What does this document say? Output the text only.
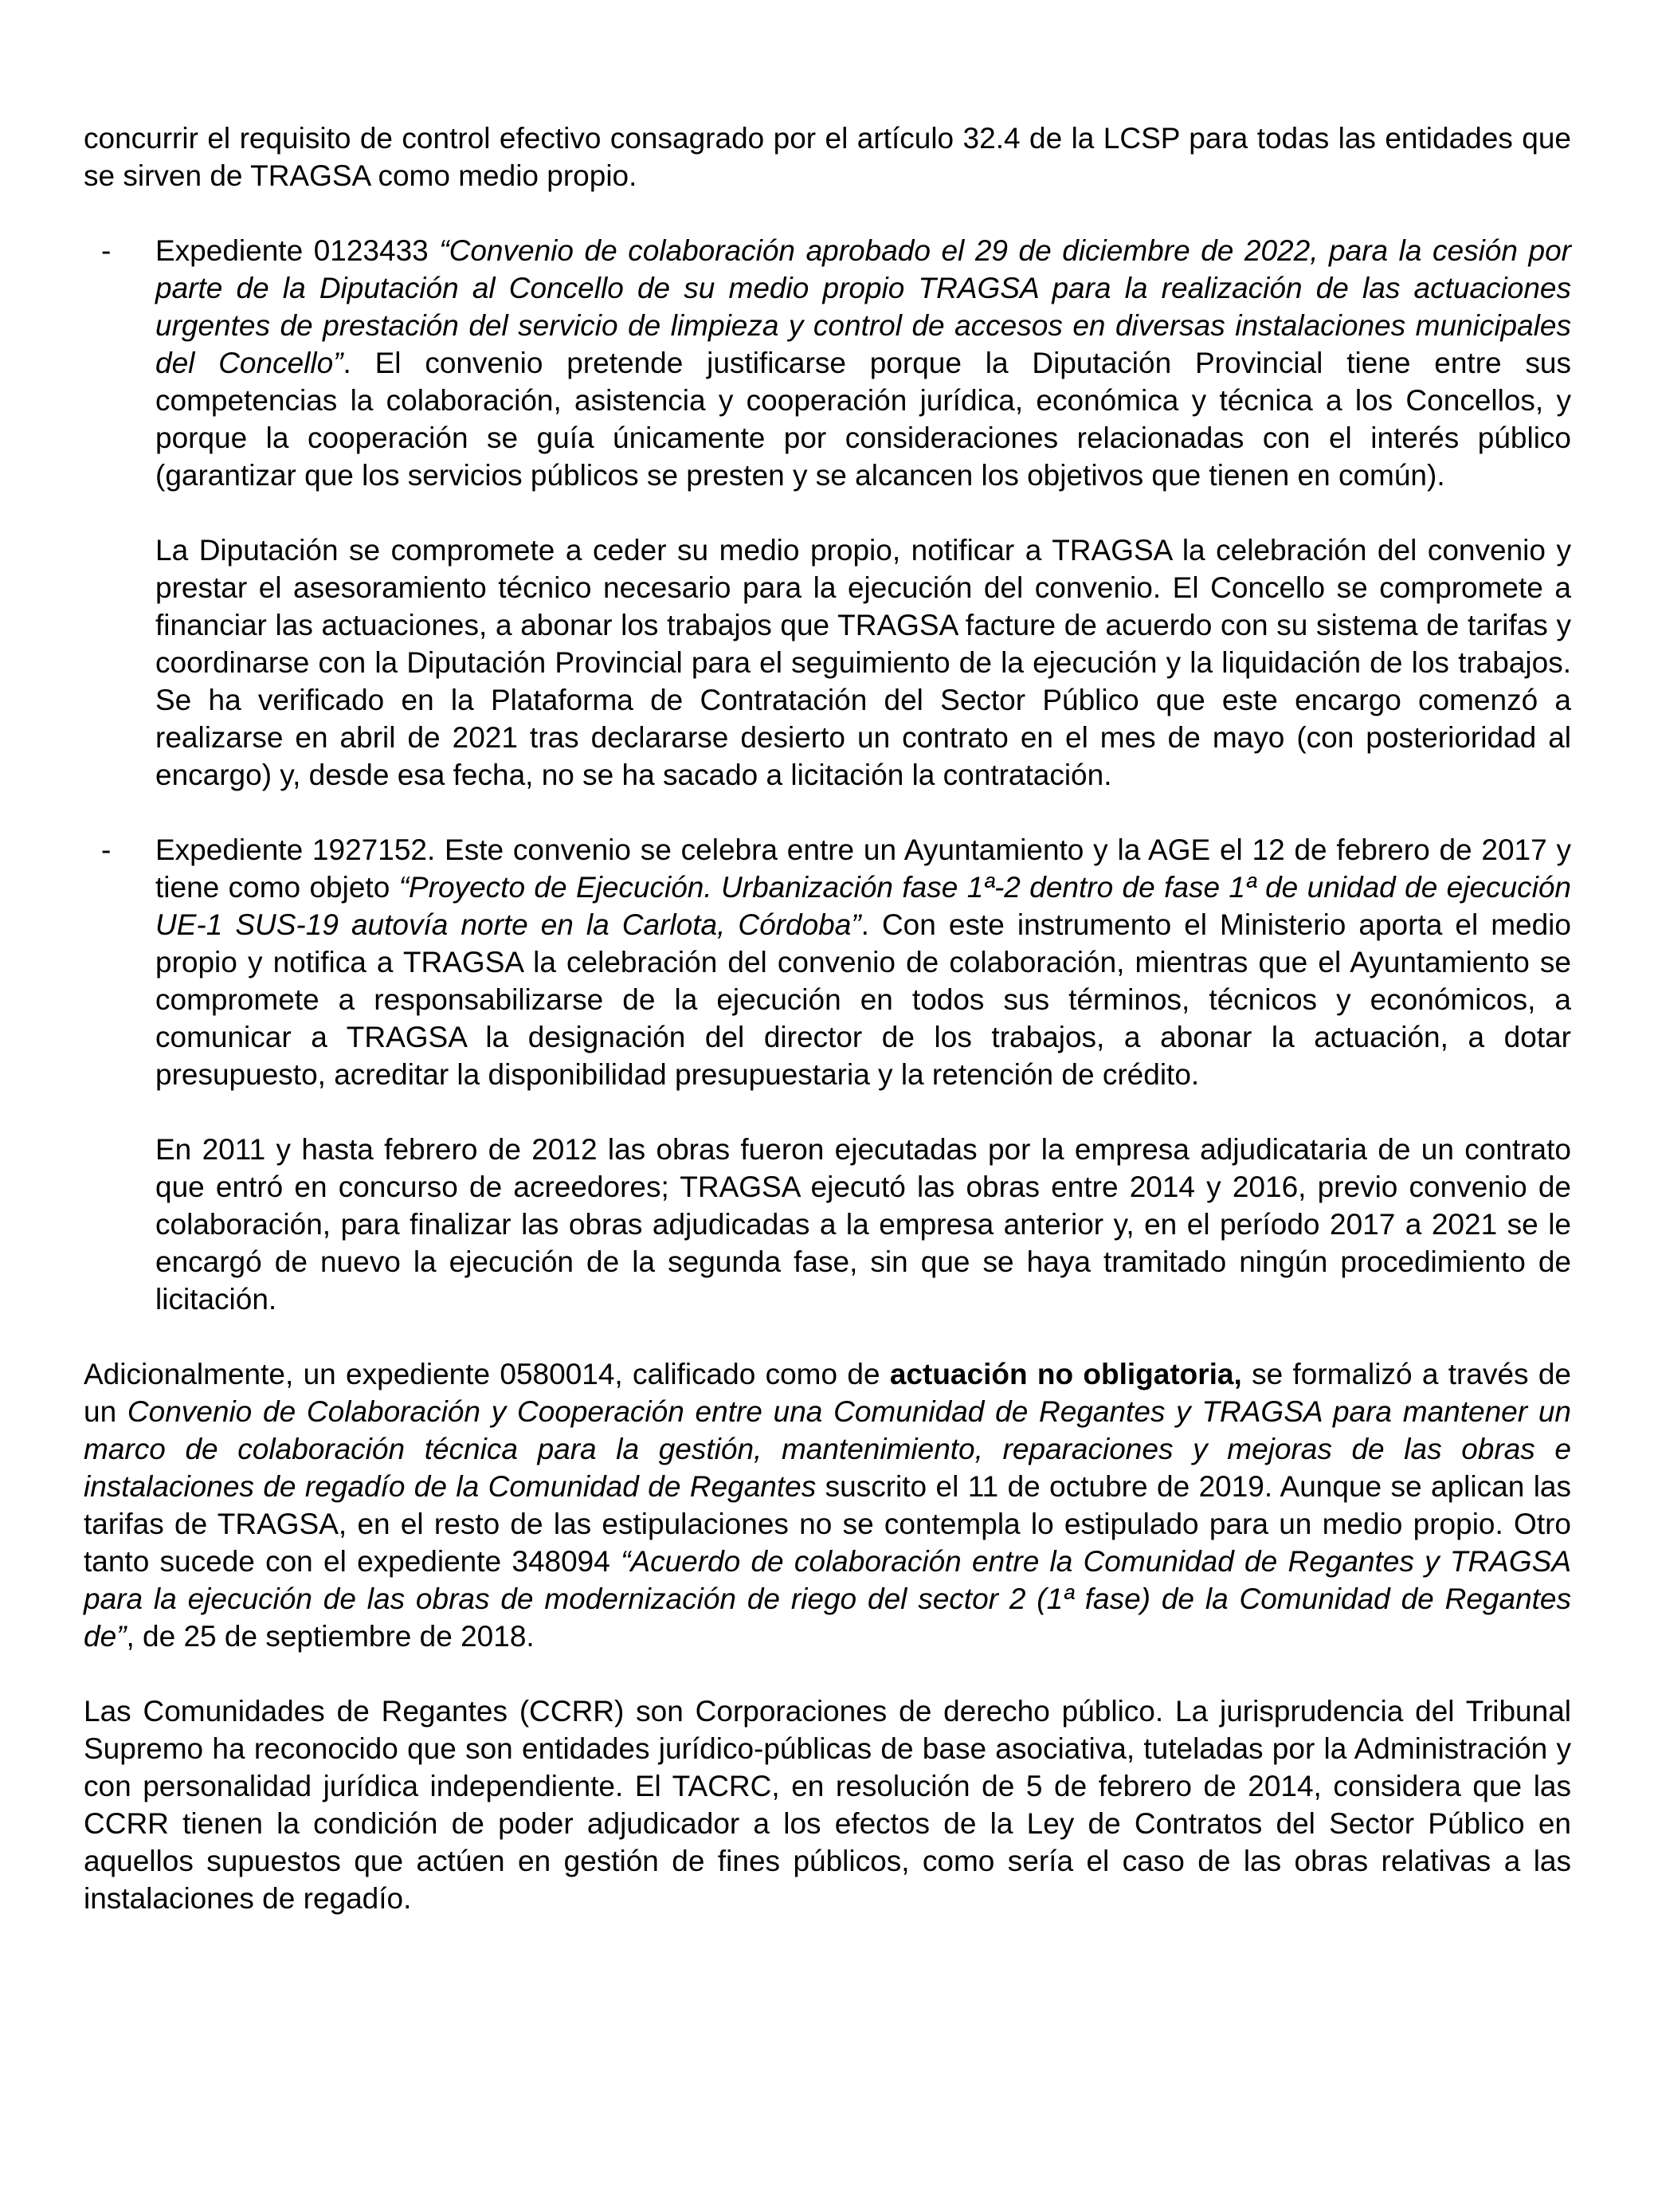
concurrir el requisito de control efectivo consagrado por el artículo 32.4 de la LCSP para todas las entidades que se sirven de TRAGSA como medio propio.

- Expediente 0123433 “Convenio de colaboración aprobado el 29 de diciembre de 2022, para la cesión por parte de la Diputación al Concello de su medio propio TRAGSA para la realización de las actuaciones urgentes de prestación del servicio de limpieza y control de accesos en diversas instalaciones municipales del Concello”. El convenio pretende justificarse porque la Diputación Provincial tiene entre sus competencias la colaboración, asistencia y cooperación jurídica, económica y técnica a los Concellos, y porque la cooperación se guía únicamente por consideraciones relacionadas con el interés público (garantizar que los servicios públicos se presten y se alcancen los objetivos que tienen en común).

La Diputación se compromete a ceder su medio propio, notificar a TRAGSA la celebración del convenio y prestar el asesoramiento técnico necesario para la ejecución del convenio. El Concello se compromete a financiar las actuaciones, a abonar los trabajos que TRAGSA facture de acuerdo con su sistema de tarifas y coordinarse con la Diputación Provincial para el seguimiento de la ejecución y la liquidación de los trabajos. Se ha verificado en la Plataforma de Contratación del Sector Público que este encargo comenzó a realizarse en abril de 2021 tras declararse desierto un contrato en el mes de mayo (con posterioridad al encargo) y, desde esa fecha, no se ha sacado a licitación la contratación.

- Expediente 1927152. Este convenio se celebra entre un Ayuntamiento y la AGE el 12 de febrero de 2017 y tiene como objeto “Proyecto de Ejecución. Urbanización fase 1ª-2 dentro de fase 1ª de unidad de ejecución UE-1 SUS-19 autovía norte en la Carlota, Córdoba”. Con este instrumento el Ministerio aporta el medio propio y notifica a TRAGSA la celebración del convenio de colaboración, mientras que el Ayuntamiento se compromete a responsabilizarse de la ejecución en todos sus términos, técnicos y económicos, a comunicar a TRAGSA la designación del director de los trabajos, a abonar la actuación, a dotar presupuesto, acreditar la disponibilidad presupuestaria y la retención de crédito.

En 2011 y hasta febrero de 2012 las obras fueron ejecutadas por la empresa adjudicataria de un contrato que entró en concurso de acreedores; TRAGSA ejecutó las obras entre 2014 y 2016, previo convenio de colaboración, para finalizar las obras adjudicadas a la empresa anterior y, en el período 2017 a 2021 se le encargó de nuevo la ejecución de la segunda fase, sin que se haya tramitado ningún procedimiento de licitación.

Adicionalmente, un expediente 0580014, calificado como de actuación no obligatoria, se formalizó a través de un Convenio de Colaboración y Cooperación entre una Comunidad de Regantes y TRAGSA para mantener un marco de colaboración técnica para la gestión, mantenimiento, reparaciones y mejoras de las obras e instalaciones de regadío de la Comunidad de Regantes suscrito el 11 de octubre de 2019. Aunque se aplican las tarifas de TRAGSA, en el resto de las estipulaciones no se contempla lo estipulado para un medio propio. Otro tanto sucede con el expediente 348094 “Acuerdo de colaboración entre la Comunidad de Regantes y TRAGSA para la ejecución de las obras de modernización de riego del sector 2 (1ª fase) de la Comunidad de Regantes de”, de 25 de septiembre de 2018.

Las Comunidades de Regantes (CCRR) son Corporaciones de derecho público. La jurisprudencia del Tribunal Supremo ha reconocido que son entidades jurídico-públicas de base asociativa, tuteladas por la Administración y con personalidad jurídica independiente. El TACRC, en resolución de 5 de febrero de 2014, considera que las CCRR tienen la condición de poder adjudicador a los efectos de la Ley de Contratos del Sector Público en aquellos supuestos que actúen en gestión de fines públicos, como sería el caso de las obras relativas a las instalaciones de regadío.
